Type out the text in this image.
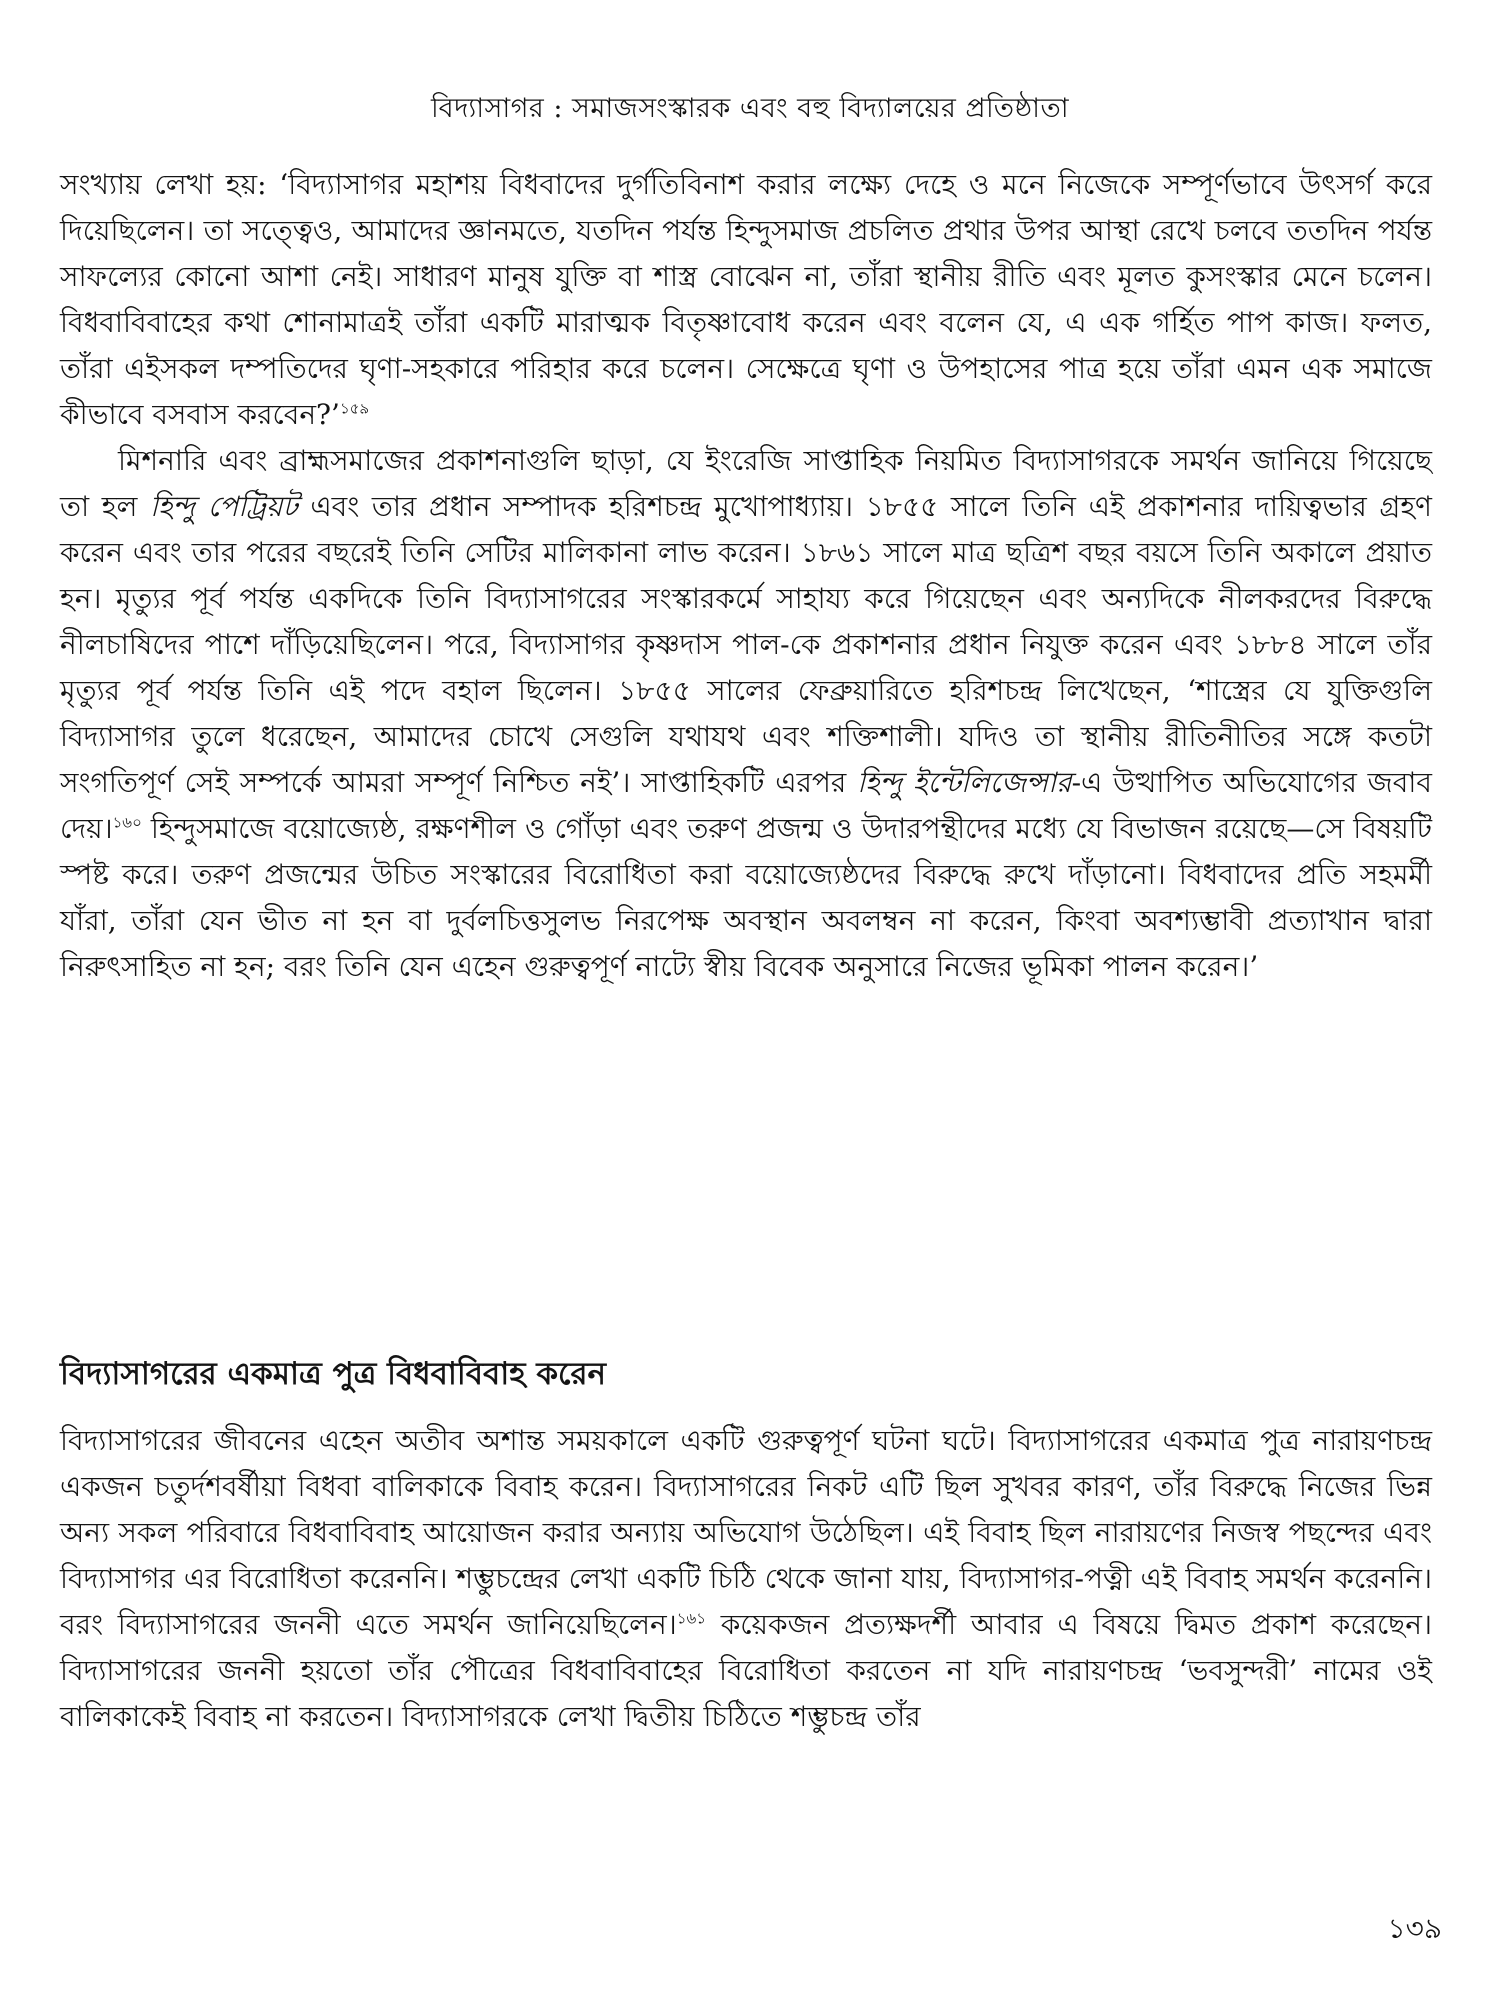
বিদ্যাসাগর : সমাজসংস্কারক এবং বহু বিদ্যালয়ের প্রতিষ্ঠাতা

সংখ্যায় লেখা হয়: ‘বিদ্যাসাগর মহাশয় বিধবাদের দুর্গতিবিনাশ করার লক্ষ্যে দেহে ও মনে নিজেকে সম্পূর্ণভাবে উৎসর্গ করে দিয়েছিলেন। তা সত্ত্বেও, আমাদের জ্ঞানমতে, যতদিন পর্যন্ত হিন্দুসমাজ প্রচলিত প্রথার উপর আস্থা রেখে চলবে ততদিন পর্যন্ত সাফল্যের কোনো আশা নেই। সাধারণ মানুষ যুক্তি বা শাস্ত্র বোঝেন না, তাঁরা স্থানীয় রীতি এবং মূলত কুসংস্কার মেনে চলেন। বিধবাবিবাহের কথা শোনামাত্রই তাঁরা একটি মারাত্মক বিতৃষ্ণাবোধ করেন এবং বলেন যে, এ এক গর্হিত পাপ কাজ। ফলত, তাঁরা এইসকল দম্পতিদের ঘৃণা-সহকারে পরিহার করে চলেন। সেক্ষেত্রে ঘৃণা ও উপহাসের পাত্র হয়ে তাঁরা এমন এক সমাজে কীভাবে বসবাস করবেন?’$^{১৫৯}$

মিশনারি এবং ব্রাহ্মসমাজের প্রকাশনাগুলি ছাড়া, যে ইংরেজি সাপ্তাহিক নিয়মিত বিদ্যাসাগরকে সমর্থন জানিয়ে গিয়েছে তা হল হিন্দু পেট্রিয়ট এবং তার প্রধান সম্পাদক হরিশচন্দ্র মুখোপাধ্যায়। ১৮৫৫ সালে তিনি এই প্রকাশনার দায়িত্বভার গ্রহণ করেন এবং তার পরের বছরেই তিনি সেটির মালিকানা লাভ করেন। ১৮৬১ সালে মাত্র ছত্রিশ বছর বয়সে তিনি অকালে প্রয়াত হন। মৃত্যুর পূর্ব পর্যন্ত একদিকে তিনি বিদ্যাসাগরের সংস্কারকর্মে সাহায্য করে গিয়েছেন এবং অন্যদিকে নীলকরদের বিরুদ্ধে নীলচাষিদের পাশে দাঁড়িয়েছিলেন। পরে, বিদ্যাসাগর কৃষ্ণদাস পাল-কে প্রকাশনার প্রধান নিযুক্ত করেন এবং ১৮৮৪ সালে তাঁর মৃত্যুর পূর্ব পর্যন্ত তিনি এই পদে বহাল ছিলেন। ১৮৫৫ সালের ফেব্রুয়ারিতে হরিশচন্দ্র লিখেছেন, ‘শাস্ত্রের যে যুক্তিগুলি বিদ্যাসাগর তুলে ধরেছেন, আমাদের চোখে সেগুলি যথাযথ এবং শক্তিশালী। যদিও তা স্থানীয় রীতিনীতির সঙ্গে কতটা সংগতিপূর্ণ সেই সম্পর্কে আমরা সম্পূর্ণ নিশ্চিত নই’। সাপ্তাহিকটি এরপর হিন্দু ইন্টেলিজেন্সার-এ উত্থাপিত অভিযোগের জবাব দেয়।$^{১৬০}$ হিন্দুসমাজে বয়োজ্যেষ্ঠ, রক্ষণশীল ও গোঁড়া এবং তরুণ প্রজন্ম ও উদারপন্থীদের মধ্যে যে বিভাজন রয়েছে—সে বিষয়টি স্পষ্ট করে। তরুণ প্রজন্মের উচিত সংস্কারের বিরোধিতা করা বয়োজ্যেষ্ঠদের বিরুদ্ধে রুখে দাঁড়ানো। বিধবাদের প্রতি সহমর্মী যাঁরা, তাঁরা যেন ভীত না হন বা দুর্বলচিত্তসুলভ নিরপেক্ষ অবস্থান অবলম্বন না করেন, কিংবা অবশ্যম্ভাবী প্রত্যাখান দ্বারা নিরুৎসাহিত না হন; বরং তিনি যেন এহেন গুরুত্বপূর্ণ নাট্যে স্বীয় বিবেক অনুসারে নিজের ভূমিকা পালন করেন।’

বিদ্যাসাগরের একমাত্র পুত্র বিধবাবিবাহ করেন

বিদ্যাসাগরের জীবনের এহেন অতীব অশান্ত সময়কালে একটি গুরুত্বপূর্ণ ঘটনা ঘটে। বিদ্যাসাগরের একমাত্র পুত্র নারায়ণচন্দ্র একজন চতুর্দশবর্ষীয়া বিধবা বালিকাকে বিবাহ করেন। বিদ্যাসাগরের নিকট এটি ছিল সুখবর কারণ, তাঁর বিরুদ্ধে নিজের ভিন্ন অন্য সকল পরিবারে বিধবাবিবাহ আয়োজন করার অন্যায় অভিযোগ উঠেছিল। এই বিবাহ ছিল নারায়ণের নিজস্ব পছন্দের এবং বিদ্যাসাগর এর বিরোধিতা করেননি। শম্ভুচন্দ্রের লেখা একটি চিঠি থেকে জানা যায়, বিদ্যাসাগর-পত্নী এই বিবাহ সমর্থন করেননি। বরং বিদ্যাসাগরের জননী এতে সমর্থন জানিয়েছিলেন।$^{১৬১}$ কয়েকজন প্রত্যক্ষদর্শী আবার এ বিষয়ে দ্বিমত প্রকাশ করেছেন। বিদ্যাসাগরের জননী হয়তো তাঁর পৌত্রের বিধবাবিবাহের বিরোধিতা করতেন না যদি নারায়ণচন্দ্র ‘ভবসুন্দরী’ নামের ওই বালিকাকেই বিবাহ না করতেন। বিদ্যাসাগরকে লেখা দ্বিতীয় চিঠিতে শম্ভুচন্দ্র তাঁর

১৩৯
